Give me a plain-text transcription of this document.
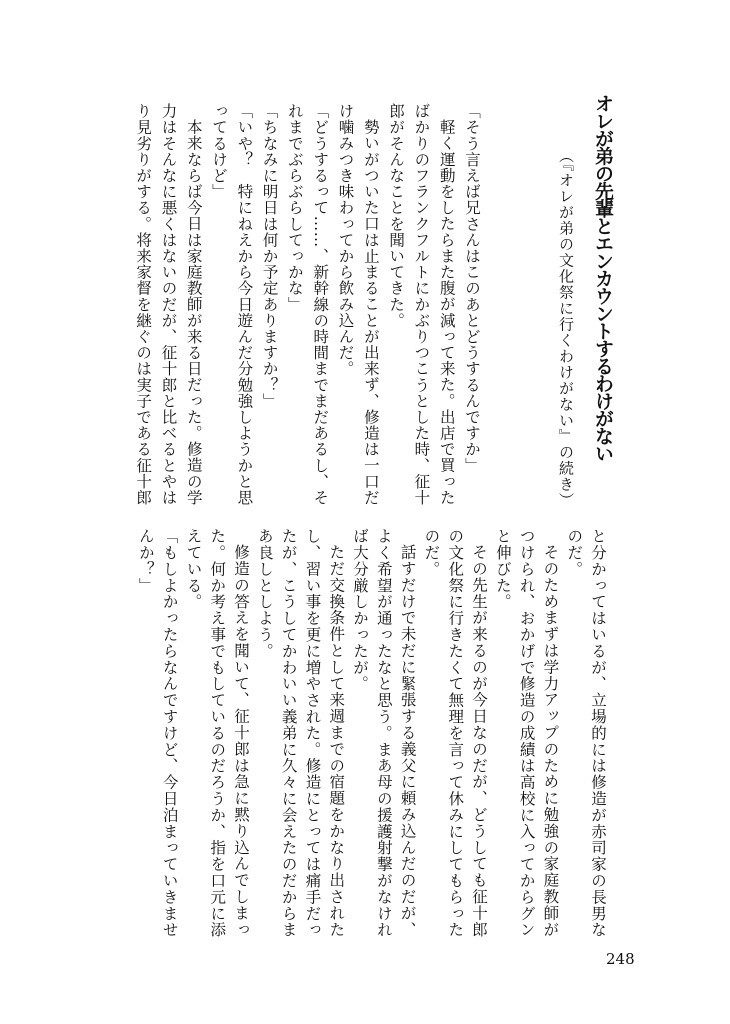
オレが弟の先輩とエンカウントするわけがない
（『オレが弟の文化祭に行くわけがない』の続き）
「そう言えば兄さんはこのあとどうするんですか」
軽く運動をしたらまた腹が減って来た。出店で買った
ばかりのフランクフルトにかぶりつこうとした時、征十
郎がそんなことを聞いてきた。
勢いがついた口は止まることが出来ず、修造は一口だ
け噛みつき味わってから飲み込んだ。
「どうするって……、新幹線の時間までまだあるし、そ
れまでぶらぶらしてっかな」
「ちなみに明日は何か予定ありますか？」
「いや？　特にねえから今日遊んだ分勉強しようかと思
ってるけど」
本来ならば今日は家庭教師が来る日だった。修造の学
力はそんなに悪くはないのだが、征十郎と比べるとやは
り見劣りがする。将来家督を継ぐのは実子である征十郎
と分かってはいるが、立場的には修造が赤司家の長男な
のだ。
そのためまずは学力アップのために勉強の家庭教師が
つけられ、おかげで修造の成績は高校に入ってからグン
と伸びた。
その先生が来るのが今日なのだが、どうしても征十郎
の文化祭に行きたくて無理を言って休みにしてもらった
のだ。
話すだけで未だに緊張する義父に頼み込んだのだが、
よく希望が通ったなと思う。まあ母の援護射撃がなけれ
ば大分厳しかったが。
ただ交換条件として来週までの宿題をかなり出された
し、習い事を更に増やされた。修造にとっては痛手だっ
たが、こうしてかわいい義弟に久々に会えたのだからま
あ良しとしよう。
修造の答えを聞いて、征十郎は急に黙り込んでしまっ
た。何か考え事でもしているのだろうか、指を口元に添
えている。
「もしよかったらなんですけど、今日泊まっていきませ
んか？」
248
